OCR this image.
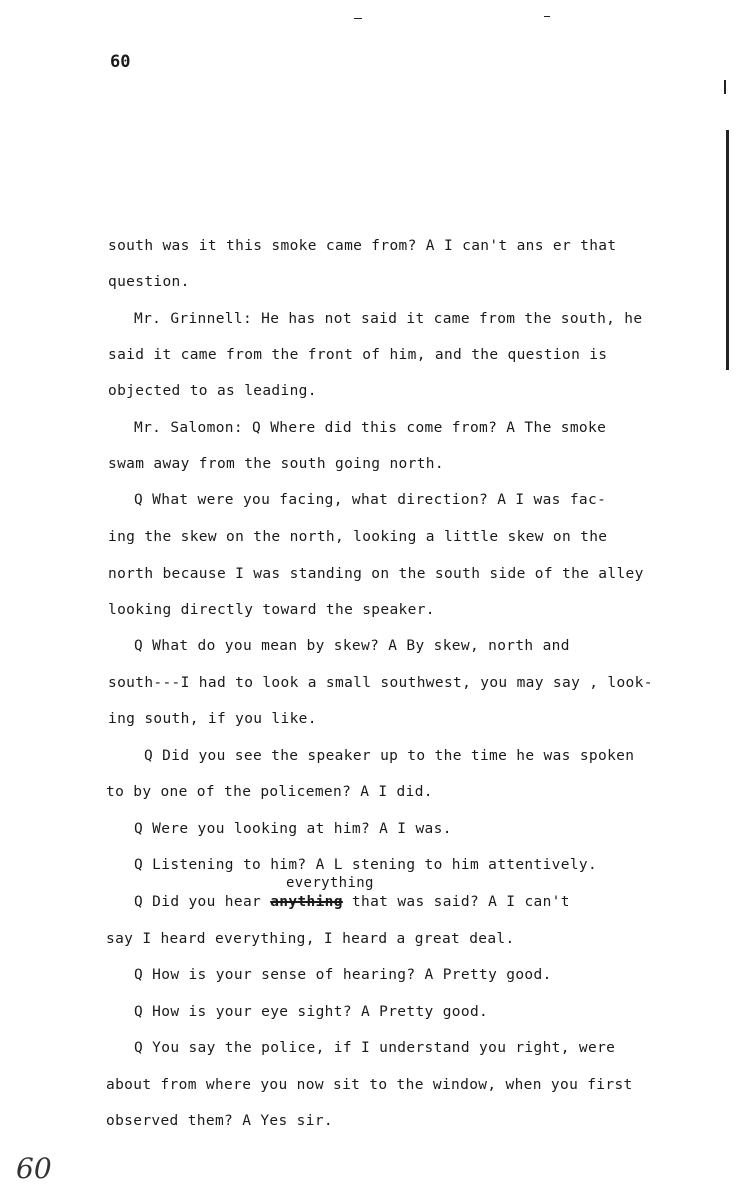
60
south was it this smoke came from? A I can't ans er that
question.
Mr. Grinnell: He has not said it came from the south, he
said it came from the front of him, and the question is
objected to as leading.
Mr. Salomon: Q Where did this come from? A The smoke
swam away from the south going north.
Q What were you facing, what direction? A I was fac-
ing the skew on the north, looking a little skew on the
north because I was standing on the south side of the alley
looking directly toward the speaker.
Q What do you mean by skew? A By skew, north and
south---I had to look a small southwest, you may say , look-
ing south, if you like.
Q Did you see the speaker up to the time he was spoken
to by one of the policemen? A I did.
Q Were you looking at him? A I was.
Q Listening to him? A L stening to him attentively.
everything
Q Did you hear anything that was said? A I can't
say I heard everything, I heard a great deal.
Q How is your sense of hearing? A Pretty good.
Q How is your eye sight? A Pretty good.
Q You say the police, if I understand you right, were
about from where you now sit to the window, when you first
observed them? A Yes sir.
60
